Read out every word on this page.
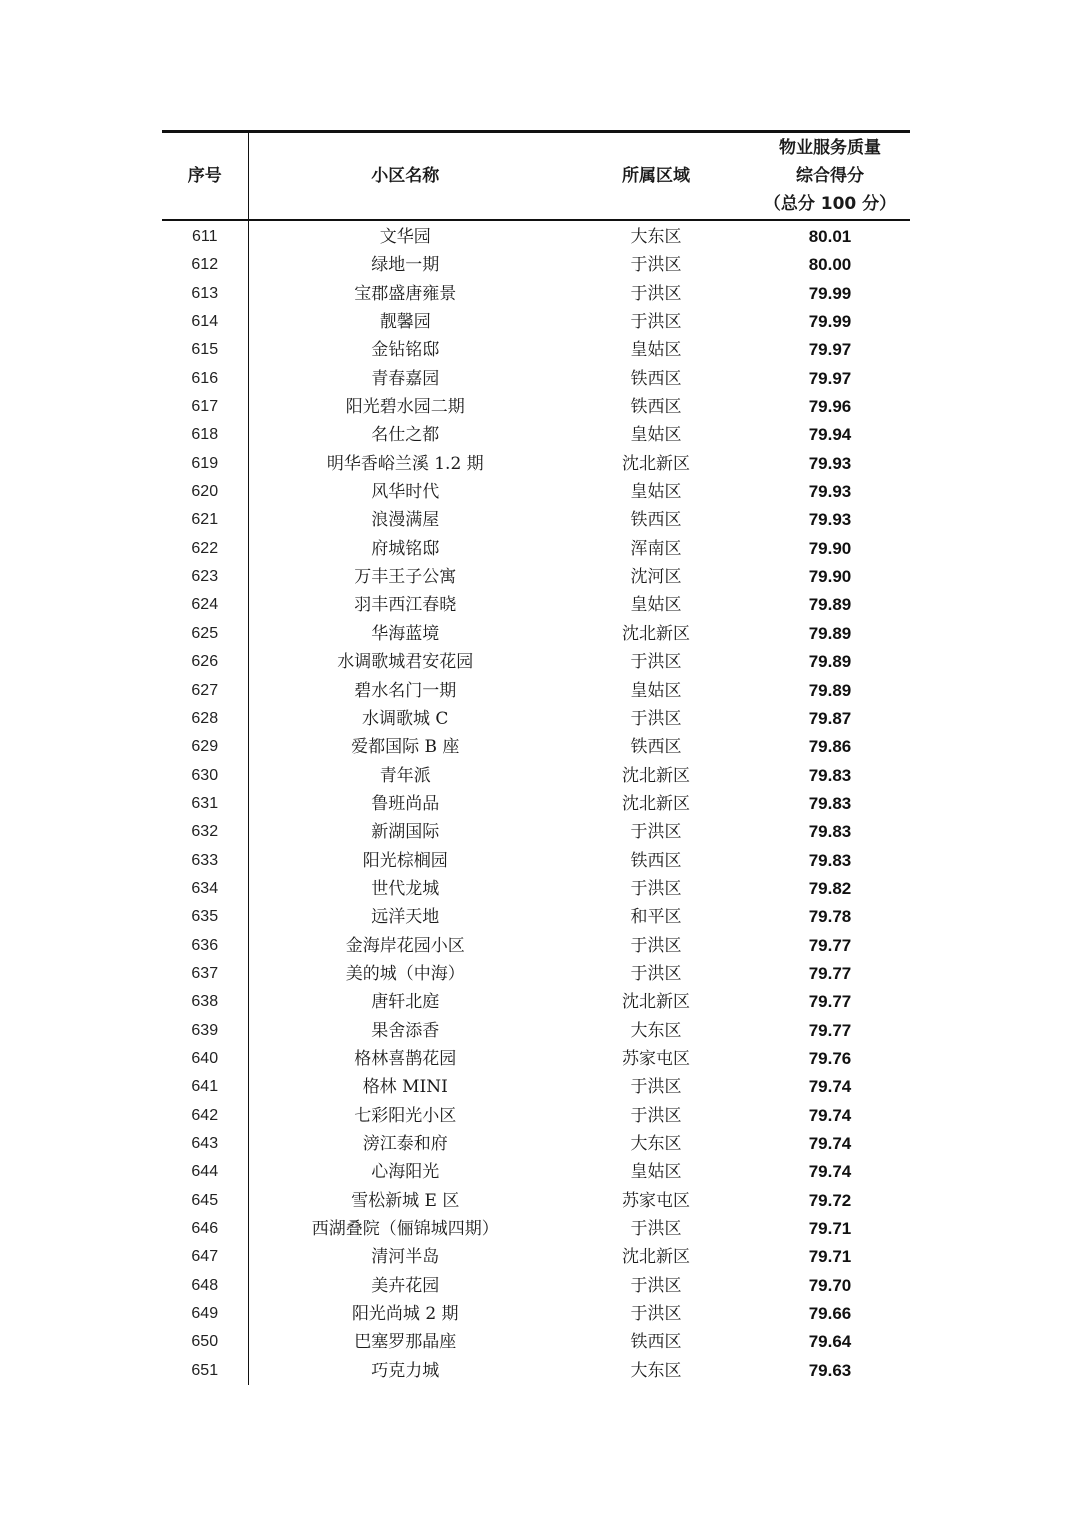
序号	小区名称	所属区域	物业服务质量
综合得分
（总分 100 分）

611	文华园	大东区	80.01
612	绿地一期	于洪区	80.00
613	宝郡盛唐雍景	于洪区	79.99
614	靓馨园	于洪区	79.99
615	金钻铭邸	皇姑区	79.97
616	青春嘉园	铁西区	79.97
617	阳光碧水园二期	铁西区	79.96
618	名仕之都	皇姑区	79.94
619	明华香峪兰溪 1.2 期	沈北新区	79.93
620	风华时代	皇姑区	79.93
621	浪漫满屋	铁西区	79.93
622	府城铭邸	浑南区	79.90
623	万丰王子公寓	沈河区	79.90
624	羽丰西江春晓	皇姑区	79.89
625	华海蓝境	沈北新区	79.89
626	水调歌城君安花园	于洪区	79.89
627	碧水名门一期	皇姑区	79.89
628	水调歌城 C	于洪区	79.87
629	爱都国际 B 座	铁西区	79.86
630	青年派	沈北新区	79.83
631	鲁班尚品	沈北新区	79.83
632	新湖国际	于洪区	79.83
633	阳光棕榈园	铁西区	79.83
634	世代龙城	于洪区	79.82
635	远洋天地	和平区	79.78
636	金海岸花园小区	于洪区	79.77
637	美的城（中海）	于洪区	79.77
638	唐轩北庭	沈北新区	79.77
639	果舍添香	大东区	79.77
640	格林喜鹊花园	苏家屯区	79.76
641	格林 MINI	于洪区	79.74
642	七彩阳光小区	于洪区	79.74
643	滂江泰和府	大东区	79.74
644	心海阳光	皇姑区	79.74
645	雪松新城 E 区	苏家屯区	79.72
646	西湖叠院（俪锦城四期）	于洪区	79.71
647	清河半岛	沈北新区	79.71
648	美卉花园	于洪区	79.70
649	阳光尚城 2 期	于洪区	79.66
650	巴塞罗那晶座	铁西区	79.64
651	巧克力城	大东区	79.63
